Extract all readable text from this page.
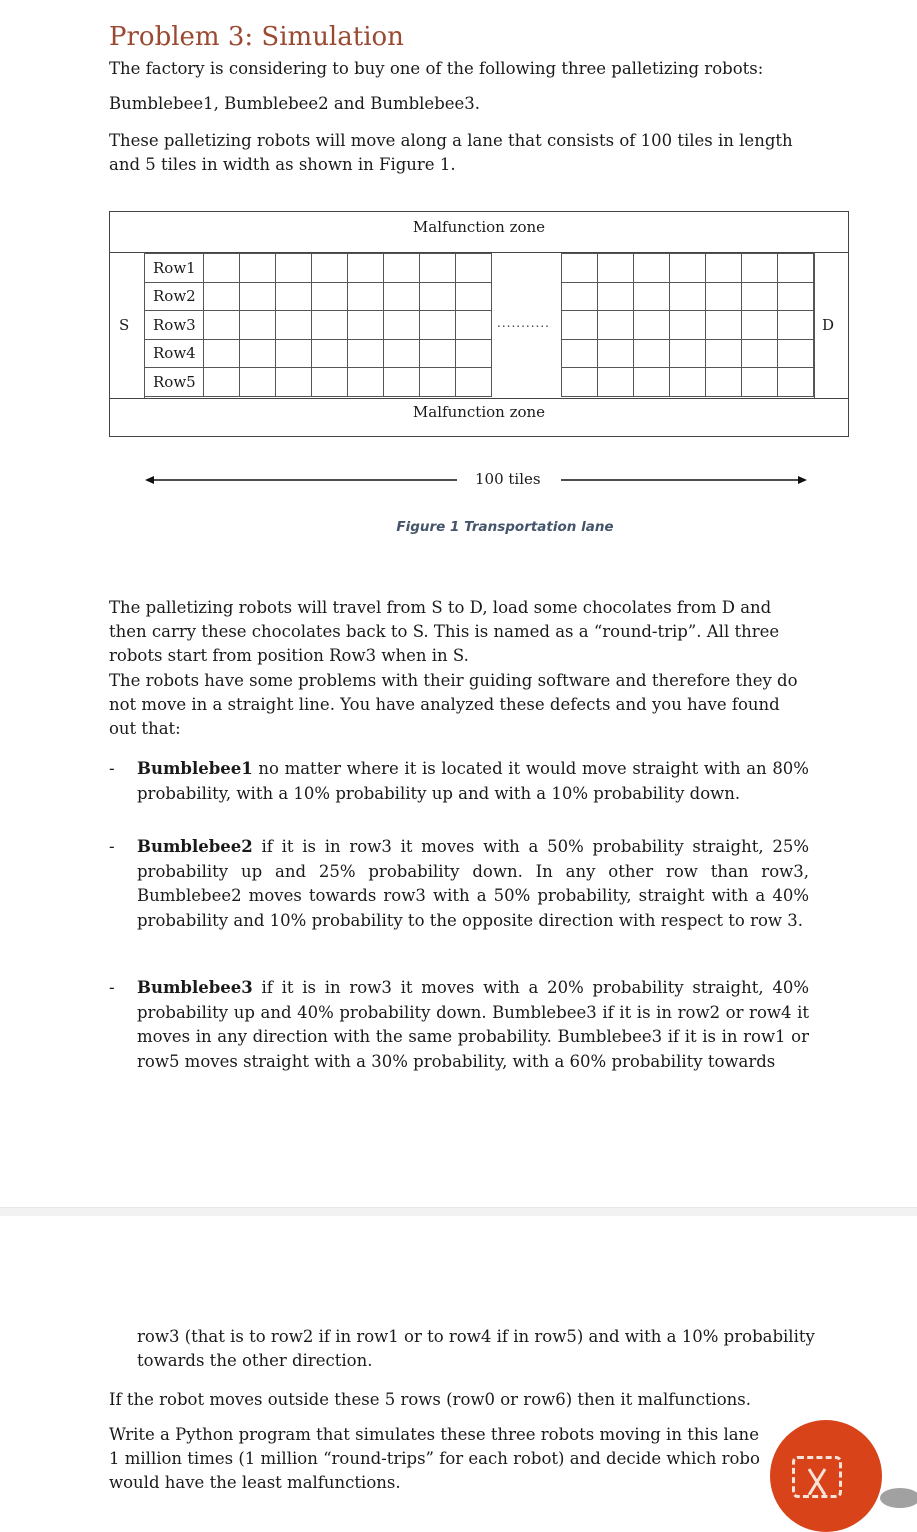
Problem 3: Simulation

The factory is considering to buy one of the following three palletizing robots:

Bumblebee1, Bumblebee2 and Bumblebee3.

These palletizing robots will move along a lane that consists of 100 tiles in length

and 5 tiles in width as shown in Figure 1.

Malfunction zone
Malfunction zone
S	D
Row1								
Row2								
Row3								
Row4								
Row5								
...........

100 tiles
Figure 1 Transportation lane

The palletizing robots will travel from S to D, load some chocolates from D and

then carry these chocolates back to S. This is named as a “round-trip”. All three

robots start from position Row3 when in S.

The robots have some problems with their guiding software and therefore they do

not move in a straight line. You have analyzed these defects and you have found

out that:

- Bumblebee1 no matter where it is located it would move straight with an 80% probability, with a 10% probability up and with a 10% probability down.
- Bumblebee2 if it is in row3 it moves with a 50% probability straight, 25% probability up and 25% probability down. In any other row than row3, Bumblebee2 moves towards row3 with a 50% probability, straight with a 40% probability and 10% probability to the opposite direction with respect to row 3.
- Bumblebee3 if it is in row3 it moves with a 20% probability straight, 40% probability up and 40% probability down. Bumblebee3 if it is in row2 or row4 it moves in any direction with the same probability. Bumblebee3 if it is in row1 or row5 moves straight with a 30% probability, with a 60% probability towards

row3 (that is to row2 if in row1 or to row4 if in row5) and with a 10% probability

towards the other direction.

If the robot moves outside these 5 rows (row0 or row6) then it malfunctions.

Write a Python program that simulates these three robots moving in this lane

1 million times (1 million “round-trips” for each robot) and decide which robo

would have the least malfunctions.
